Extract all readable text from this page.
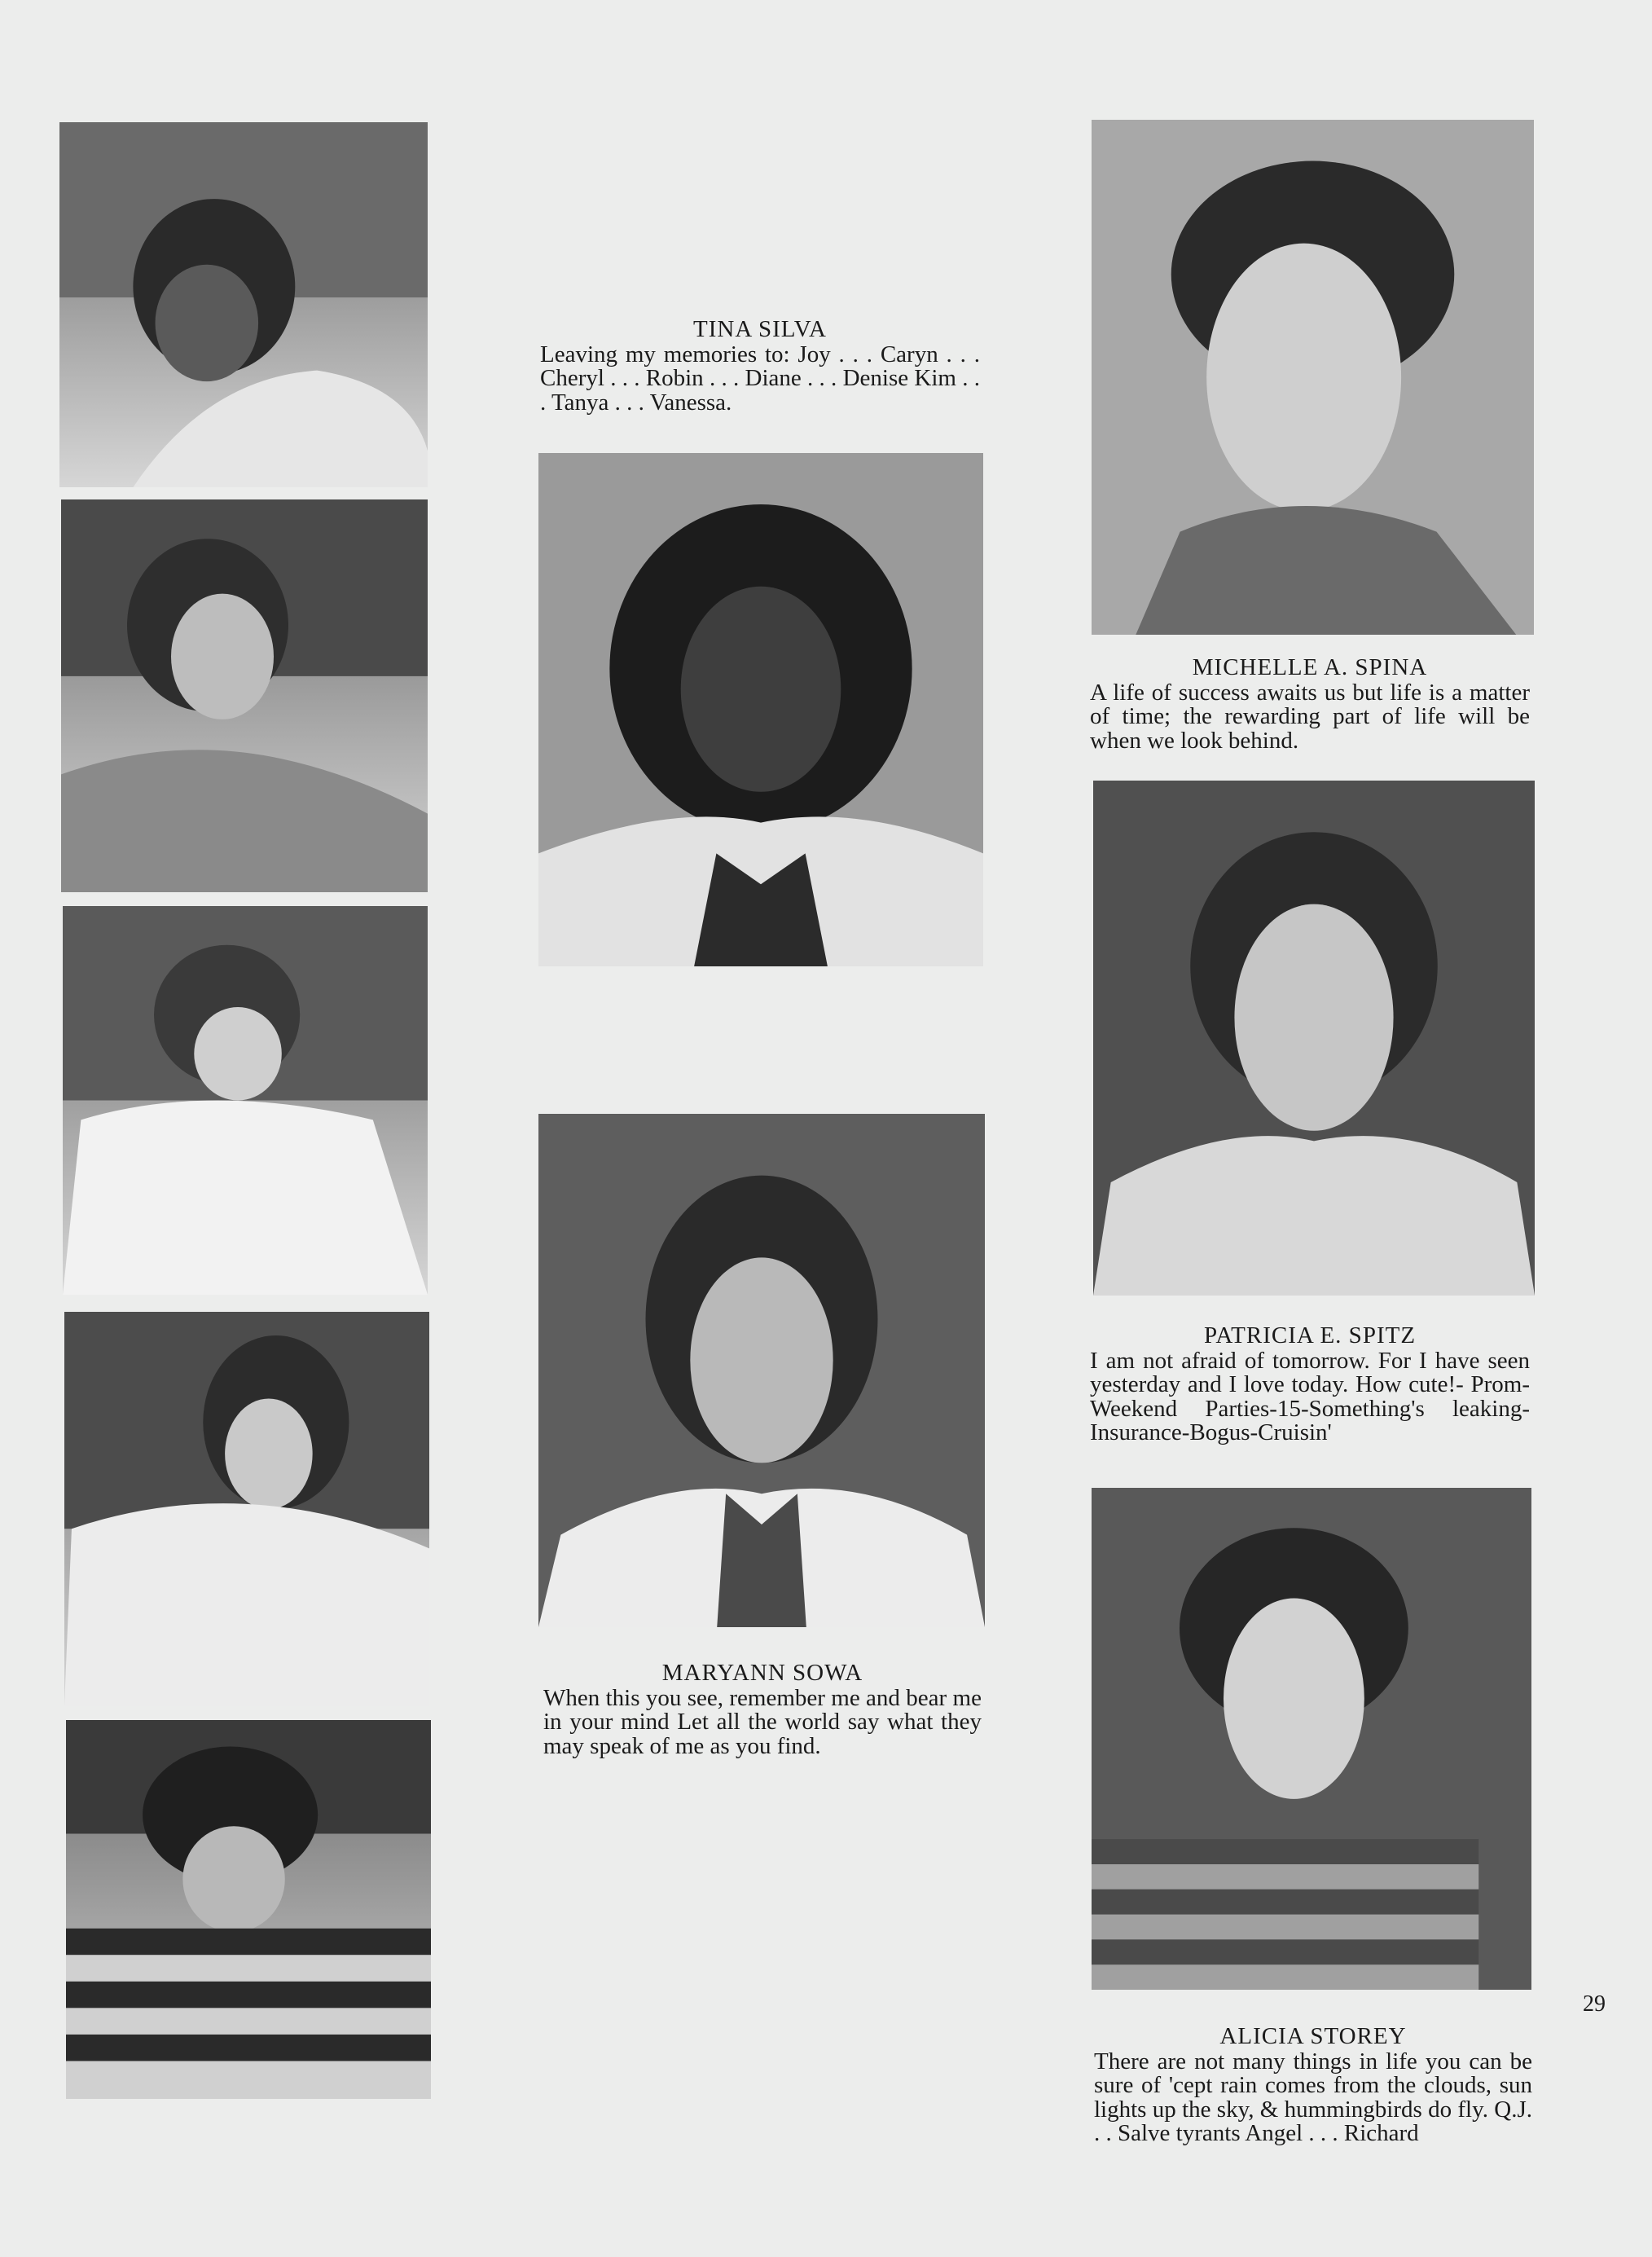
TINA SILVA
Leaving my memories to: Joy . . . Caryn . . . Cheryl . . . Robin . . . Diane . . . Denise Kim . . . Tanya . . . Vanessa.
MARYANN SOWA
When this you see, remember me and bear me in your mind Let all the world say what they may speak of me as you find.
MICHELLE A. SPINA
A life of success awaits us but life is a matter of time; the rewarding part of life will be when we look behind.
PATRICIA E. SPITZ
I am not afraid of tomorrow. For I have seen yesterday and I love today. How cute!- Prom- Weekend Parties-15-Something's leaking-Insurance-Bogus-Cruisin'
ALICIA STOREY
There are not many things in life you can be sure of 'cept rain comes from the clouds, sun lights up the sky, & hummingbirds do fly. Q.J. . . Salve tyrants Angel . . . Richard
29
